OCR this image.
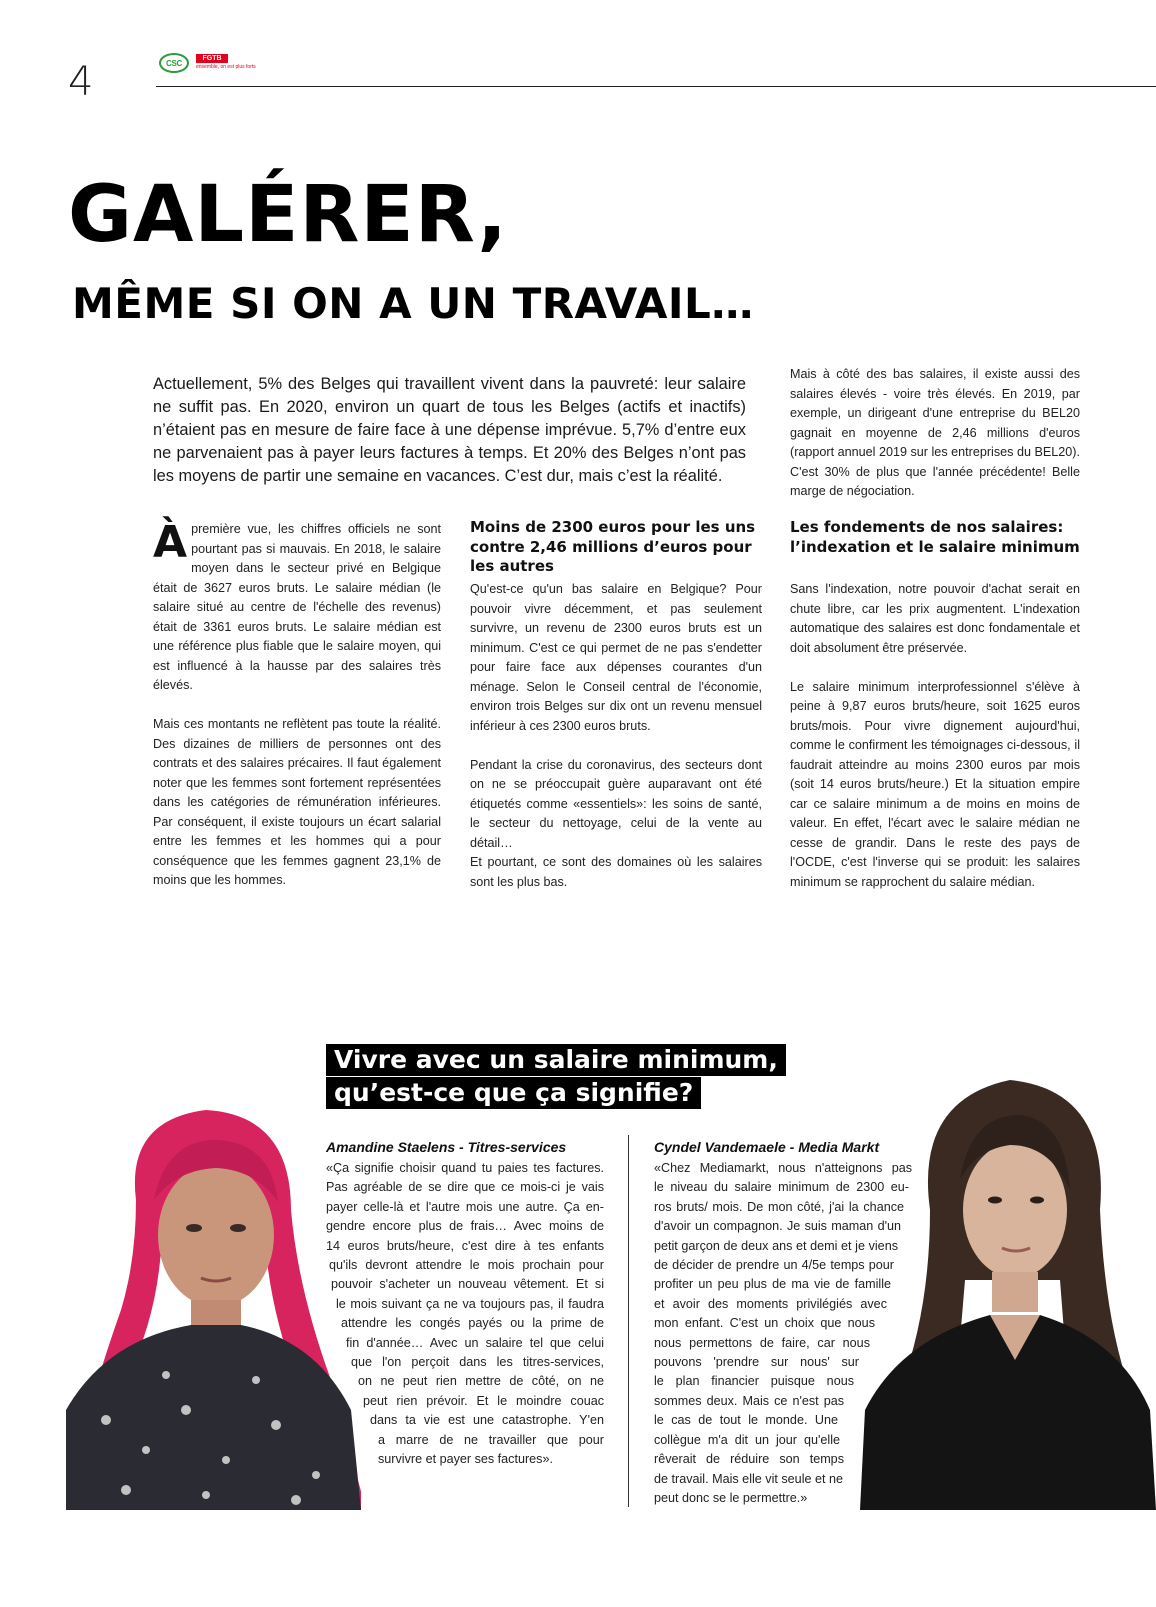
4	CSC	FGTB
ensemble, on est plus forts
GALÉRER,
MÊME SI ON A UN TRAVAIL…

Actuellement, 5% des Belges qui travaillent vivent dans la pauvreté: leur salaire ne suffit pas. En 2020, environ un quart de tous les Belges (actifs et inactifs) n’étaient pas en mesure de faire face à une dépense imprévue. 5,7% d’entre eux ne parvenaient pas à payer leurs factures à temps. Et 20% des Belges n’ont pas les moyens de partir une semaine en vacances. C’est dur, mais c’est la réalité.

Mais à côté des bas salaires, il existe aussi des salaires élevés - voire très élevés. En 2019, par exemple, un dirigeant d'une entreprise du BEL20 gagnait en moyenne de 2,46 millions d'euros (rapport annuel 2019 sur les entreprises du BEL20). C'est 30% de plus que l'année précédente! Belle marge de négociation.

À première vue, les chiffres officiels ne sont pourtant pas si mauvais. En 2018, le salaire moyen dans le secteur privé en Belgique était de 3627 euros bruts. Le salaire médian (le salaire situé au centre de l'échelle des revenus) était de 3361 euros bruts. Le salaire médian est une référence plus fiable que le salaire moyen, qui est influencé à la hausse par des salaires très élevés.

Mais ces montants ne reflètent pas toute la réalité. Des dizaines de milliers de personnes ont des contrats et des salaires précaires. Il faut également noter que les femmes sont fortement représentées dans les catégories de rémunération inférieures. Par conséquent, il existe toujours un écart salarial entre les femmes et les hommes qui a pour conséquence que les femmes gagnent 23,1% de moins que les hommes.

Moins de 2300 euros pour les uns contre 2,46 millions d’euros pour les autres

Qu'est-ce qu'un bas salaire en Belgique? Pour pouvoir vivre décemment, et pas seulement survivre, un revenu de 2300 euros bruts est un minimum. C'est ce qui permet de ne pas s'endetter pour faire face aux dépenses courantes d'un ménage. Selon le Conseil central de l'économie, environ trois Belges sur dix ont un revenu mensuel inférieur à ces 2300 euros bruts.

Pendant la crise du coronavirus, des secteurs dont on ne se préoccupait guère auparavant ont été étiquetés comme «essentiels»: les soins de santé, le secteur du nettoyage, celui de la vente au détail…

Et pourtant, ce sont des domaines où les salaires sont les plus bas.

Les fondements de nos salaires: l’indexation et le salaire minimum

Sans l'indexation, notre pouvoir d'achat serait en chute libre, car les prix augmentent. L'indexation automatique des salaires est donc fondamentale et doit absolument être préservée.

Le salaire minimum interprofessionnel s'élève à peine à 9,87 euros bruts/heure, soit 1625 euros bruts/mois. Pour vivre dignement aujourd'hui, comme le confirment les témoignages ci-dessous, il faudrait atteindre au moins 2300 euros par mois (soit 14 euros bruts/heure.) Et la situation empire car ce salaire minimum a de moins en moins de valeur. En effet, l'écart avec le salaire médian ne cesse de grandir. Dans le reste des pays de l'OCDE, c'est l'inverse qui se produit: les salaires minimum se rapprochent du salaire médian.

Vivre avec un salaire minimum,
qu’est-ce que ça signifie?
Amandine Staelens - Titres-services
«Ça signifie choisir quand tu paies tes factures.
Pas agréable de se dire que ce mois-ci je vais
payer celle-là et l'autre mois une autre. Ça en-
gendre encore plus de frais… Avec moins de
14 euros bruts/heure, c'est dire à tes enfants
qu'ils devront attendre le mois prochain pour
pouvoir s'acheter un nouveau vêtement. Et si
le mois suivant ça ne va toujours pas, il faudra
attendre les congés payés ou la prime de
fin d'année… Avec un salaire tel que celui
que l'on perçoit dans les titres-services,
on ne peut rien mettre de côté, on ne
peut rien prévoir. Et le moindre couac
dans ta vie est une catastrophe. Y'en
a marre de ne travailler que pour
survivre et payer ses factures».
Cyndel Vandemaele - Media Markt
«Chez Mediamarkt, nous n'atteignons pas
le niveau du salaire minimum de 2300 eu-
ros bruts/ mois. De mon côté, j'ai la chance
d'avoir un compagnon. Je suis maman d'un
petit garçon de deux ans et demi et je viens
de décider de prendre un 4/5e temps pour
profiter un peu plus de ma vie de famille
et avoir des moments privilégiés avec
mon enfant. C'est un choix que nous
nous permettons de faire, car nous
pouvons 'prendre sur nous' sur
le plan financier puisque nous
sommes deux. Mais ce n'est pas
le cas de tout le monde. Une
collègue m'a dit un jour qu'elle
rêverait de réduire son temps
de travail. Mais elle vit seule et ne
peut donc se le permettre.»
